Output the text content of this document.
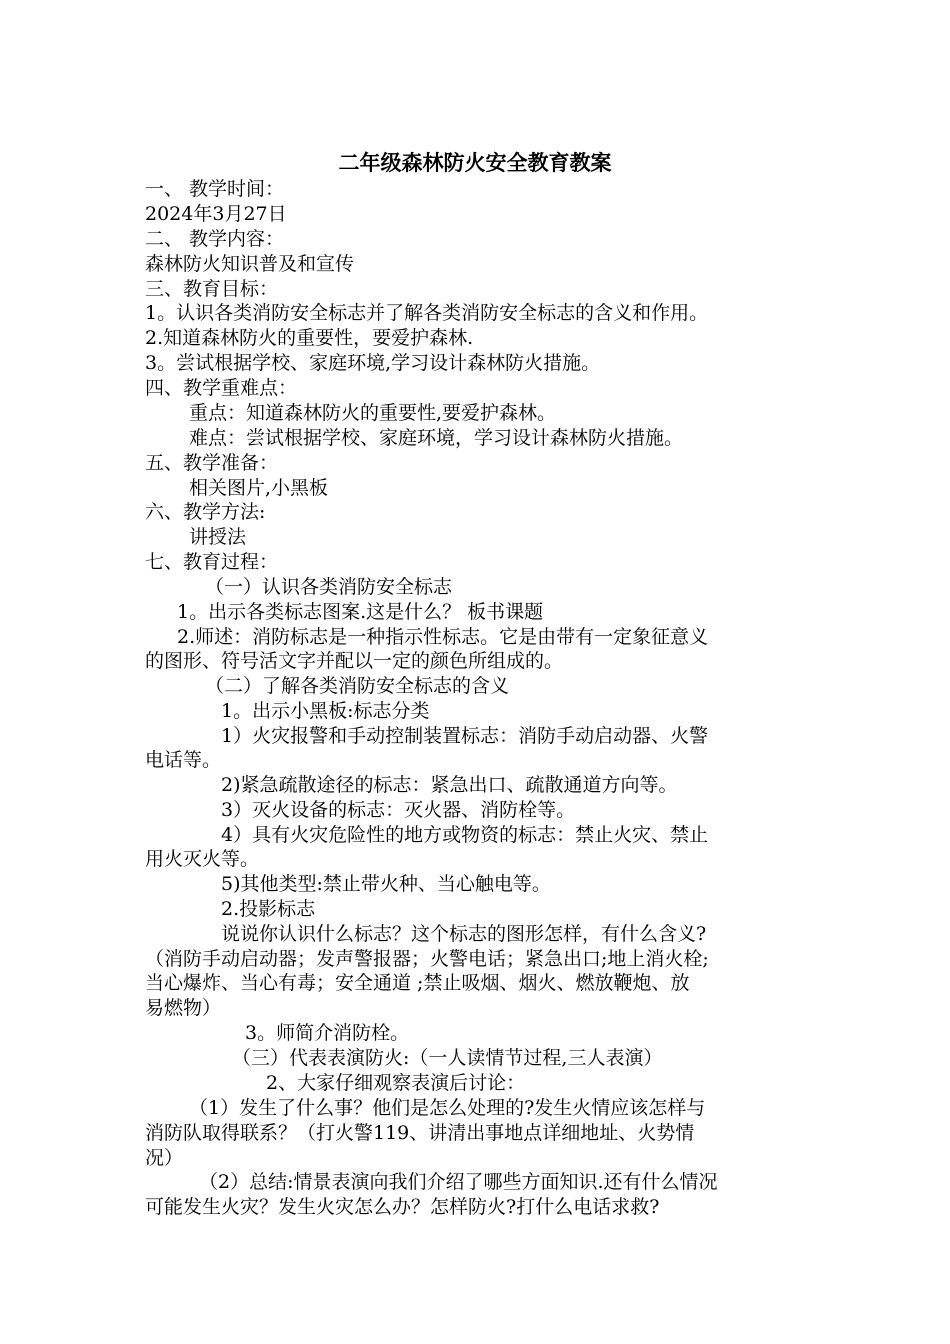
二年级森林防火安全教育教案

一、 教学时间：

2024年3月27日

二、 教学内容：

森林防火知识普及和宣传

三、教育目标：

1。认识各类消防安全标志并了解各类消防安全标志的含义和作用。

2.知道森林防火的重要性，要爱护森林.

3。尝试根据学校、家庭环境,学习设计森林防火措施。

四、教学重难点：

重点：知道森林防火的重要性,要爱护森林。

难点：尝试根据学校、家庭环境，学习设计森林防火措施。

五、教学准备：

相关图片,小黑板

六、教学方法:

讲授法

七、教育过程：

（一）认识各类消防安全标志

1。出示各类标志图案.这是什么？ 板书课题

2.师述：消防标志是一种指示性标志。它是由带有一定象征意义

的图形、符号活文字并配以一定的颜色所组成的。

（二）了解各类消防安全标志的含义

1。出示小黑板:标志分类

1）火灾报警和手动控制装置标志：消防手动启动器、火警

电话等。

2)紧急疏散途径的标志：紧急出口、疏散通道方向等。

3）灭火设备的标志：灭火器、消防栓等。

4）具有火灾危险性的地方或物资的标志：禁止火灾、禁止

用火灭火等。

5)其他类型:禁止带火种、当心触电等。

2.投影标志

说说你认识什么标志？这个标志的图形怎样，有什么含义?

（消防手动启动器；发声警报器；火警电话；紧急出口;地上消火栓;

当心爆炸、当心有毒；安全通道 ;禁止吸烟、烟火、燃放鞭炮、放

易燃物）

3。师简介消防栓。

（三）代表表演防火:（一人读情节过程,三人表演）

2、大家仔细观察表演后讨论：

（1）发生了什么事？他们是怎么处理的?发生火情应该怎样与

消防队取得联系？（打火警119、讲清出事地点详细地址、火势情

况）

（2）总结:情景表演向我们介绍了哪些方面知识.还有什么情况

可能发生火灾？发生火灾怎么办？怎样防火?打什么电话求救?
